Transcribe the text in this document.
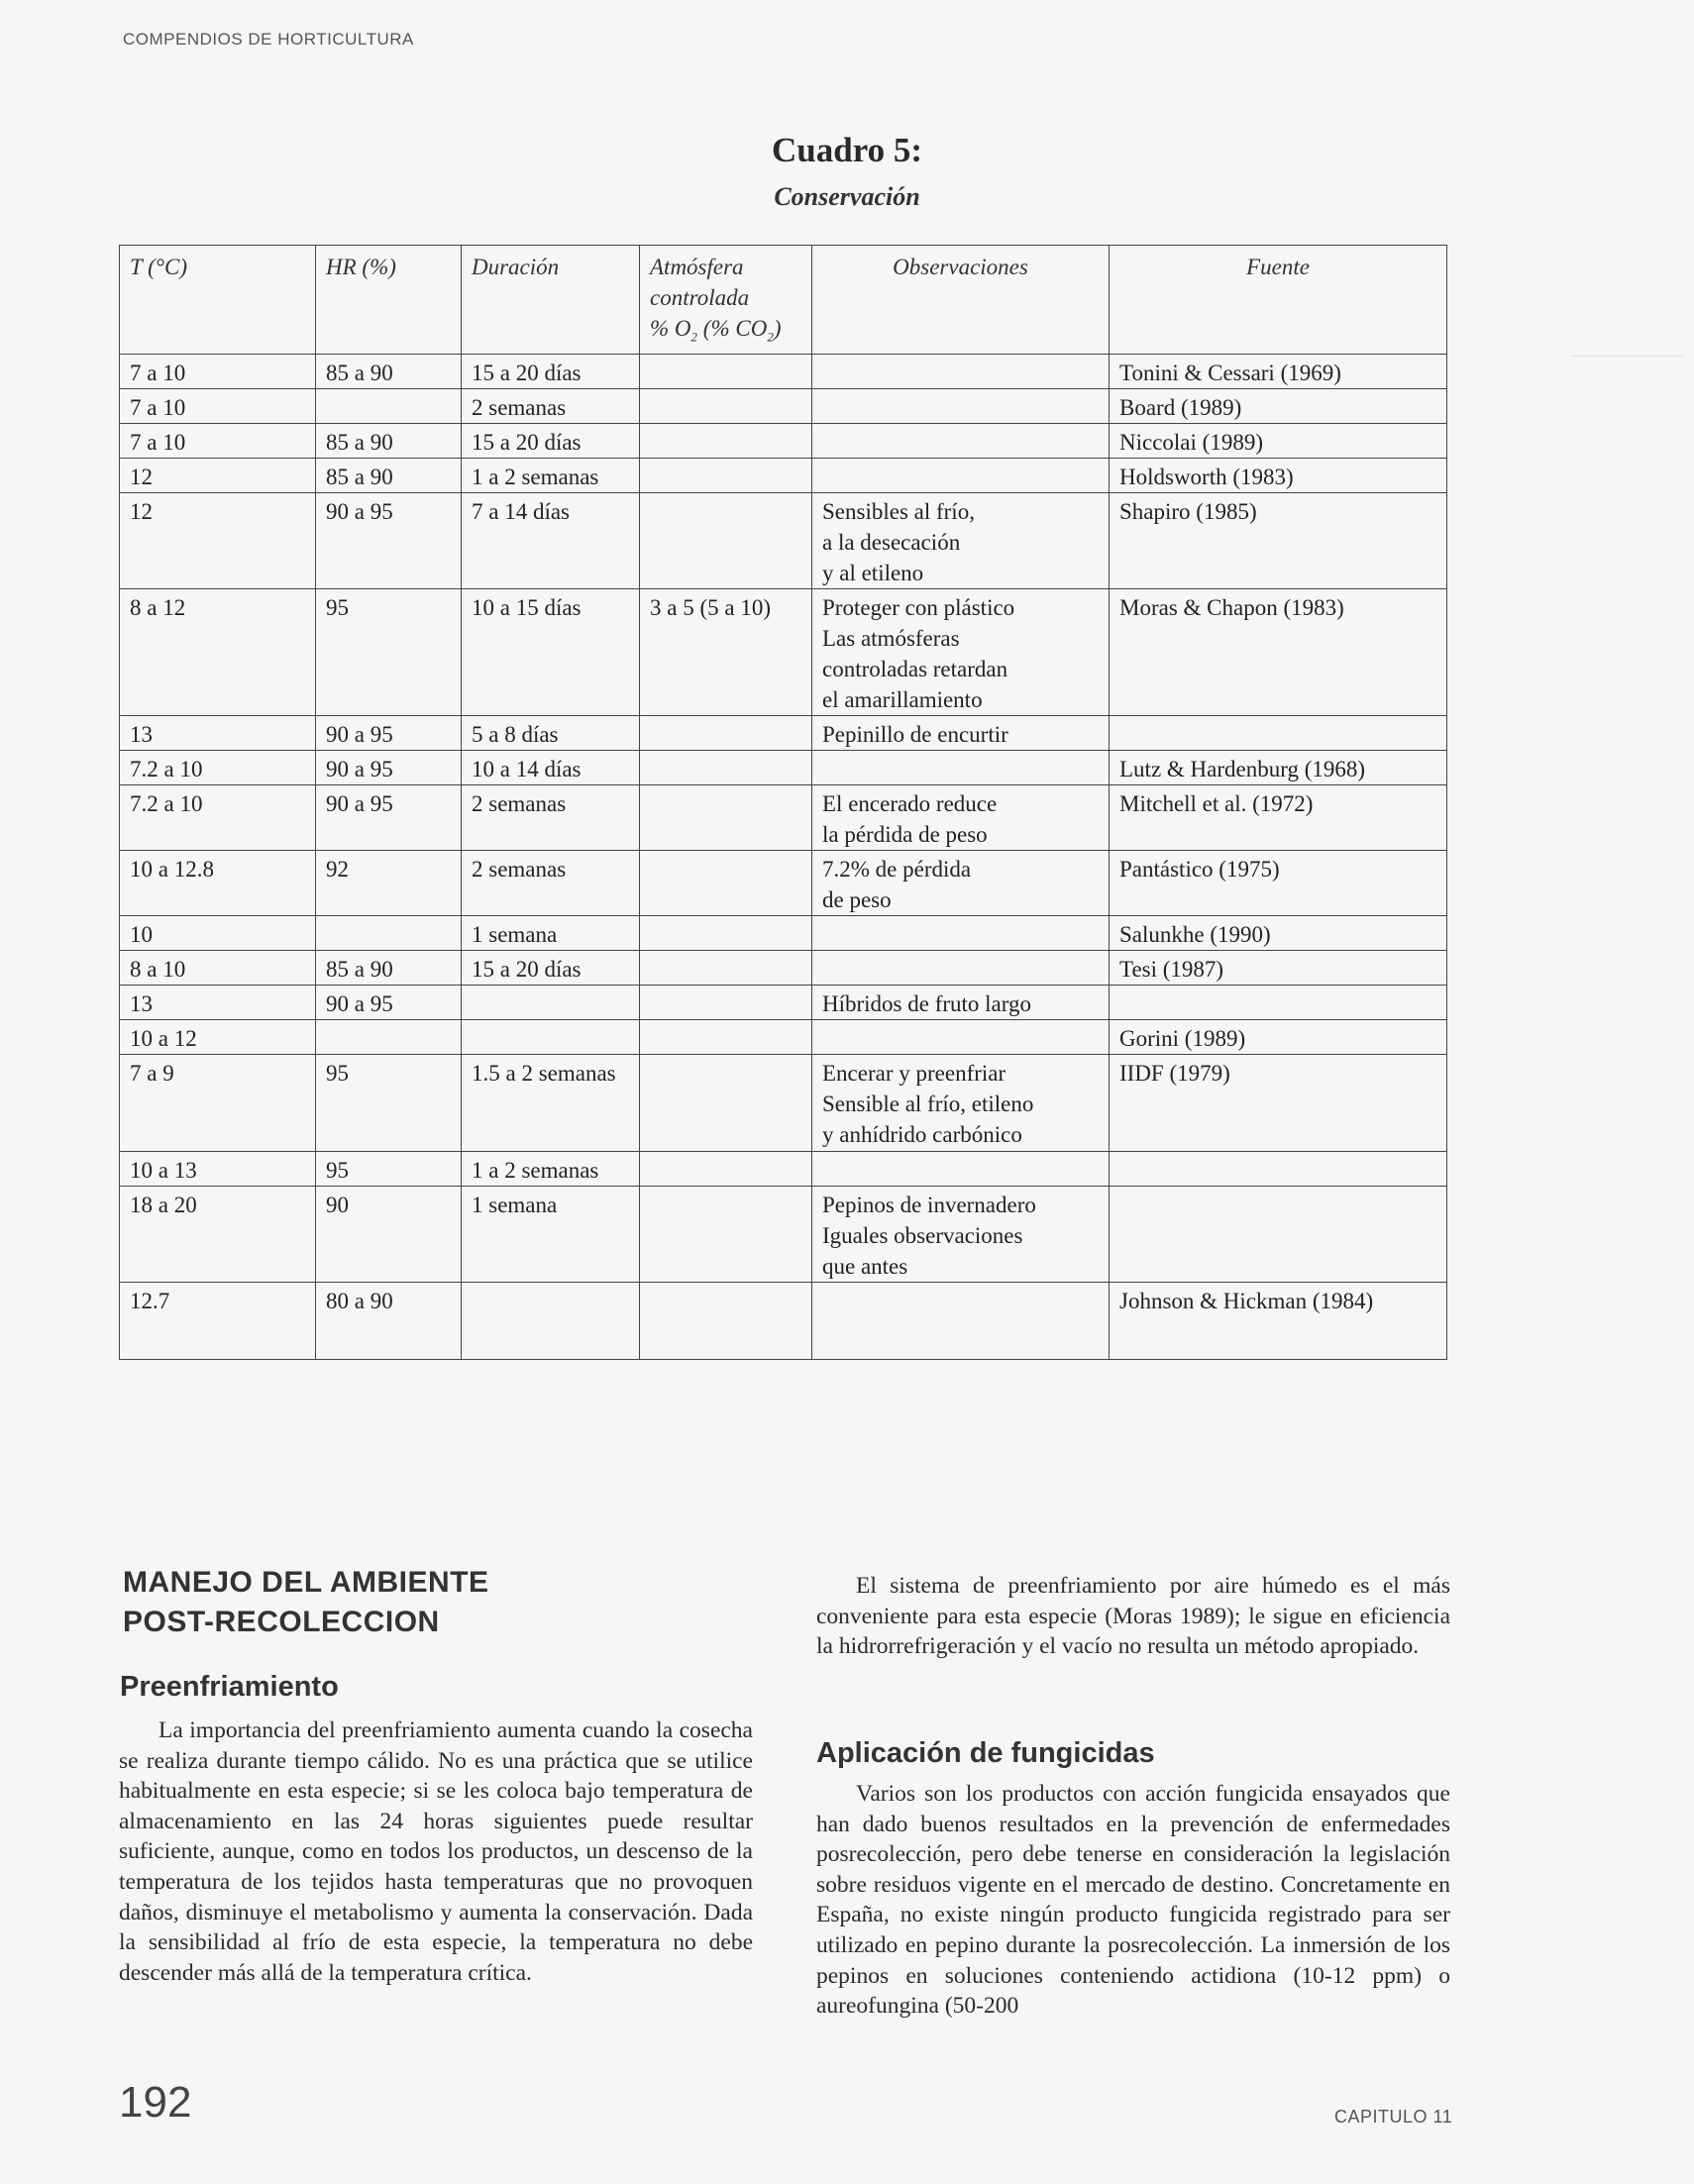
COMPENDIOS DE HORTICULTURA
Cuadro 5:
Conservación
T (°C)	HR (%)	Duración	Atmósfera
controlada
% $O_2$ (% $CO_2$)	Observaciones	Fuente
7 a 10	85 a 90	15 a 20 días			Tonini & Cessari (1969)
7 a 10		2 semanas			Board (1989)
7 a 10	85 a 90	15 a 20 días			Niccolai (1989)
12	85 a 90	1 a 2 semanas			Holdsworth (1983)
12	90 a 95	7 a 14 días		Sensibles al frío,
a la desecación
y al etileno	Shapiro (1985)
8 a 12	95	10 a 15 días	3 a 5 (5 a 10)	Proteger con plástico
Las atmósferas
controladas retardan
el amarillamiento	Moras & Chapon (1983)
13	90 a 95	5 a 8 días		Pepinillo de encurtir	

7.2 a 10	90 a 95	10 a 14 días			Lutz & Hardenburg (1968)
7.2 a 10	90 a 95	2 semanas		El encerado reduce
la pérdida de peso	Mitchell et al. (1972)
10 a 12.8	92	2 semanas		7.2% de pérdida
de peso	Pantástico (1975)
10		1 semana			Salunkhe (1990)
8 a 10	85 a 90	15 a 20 días			Tesi (1987)
13	90 a 95			Híbridos de fruto largo	

10 a 12					Gorini (1989)
7 a 9	95	1.5 a 2 semanas		Encerar y preenfriar
Sensible al frío, etileno
y anhídrido carbónico	IIDF (1979)
10 a 13	95	1 a 2 semanas			
18 a 20	90	1 semana		Pepinos de invernadero
Iguales observaciones
que antes	

12.7	80 a 90				Johnson & Hickman (1984)
MANEJO DEL AMBIENTE
POST-RECOLECCION
Preenfriamiento

La importancia del preenfriamiento aumenta cuando la cosecha se realiza durante tiempo cálido. No es una práctica que se utilice habitualmente en esta especie; si se les coloca bajo temperatura de almacenamiento en las 24 horas siguientes puede resultar suficiente, aunque, como en todos los productos, un descenso de la temperatura de los tejidos hasta temperaturas que no provoquen daños, disminuye el metabolismo y aumenta la conservación. Dada la sensibilidad al frío de esta especie, la temperatura no debe descender más allá de la temperatura crítica.

El sistema de preenfriamiento por aire húmedo es el más conveniente para esta especie (Moras 1989); le sigue en eficiencia la hidrorrefrigeración y el vacío no resulta un método apropiado.

Aplicación de fungicidas

Varios son los productos con acción fungicida ensayados que han dado buenos resultados en la prevención de enfermedades posrecolección, pero debe tenerse en consideración la legislación sobre residuos vigente en el mercado de destino. Concretamente en España, no existe ningún producto fungicida registrado para ser utilizado en pepino durante la posrecolección. La inmersión de los pepinos en soluciones conteniendo actidiona (10-12 ppm) o aureofungina (50-200

192	CAPITULO 11
